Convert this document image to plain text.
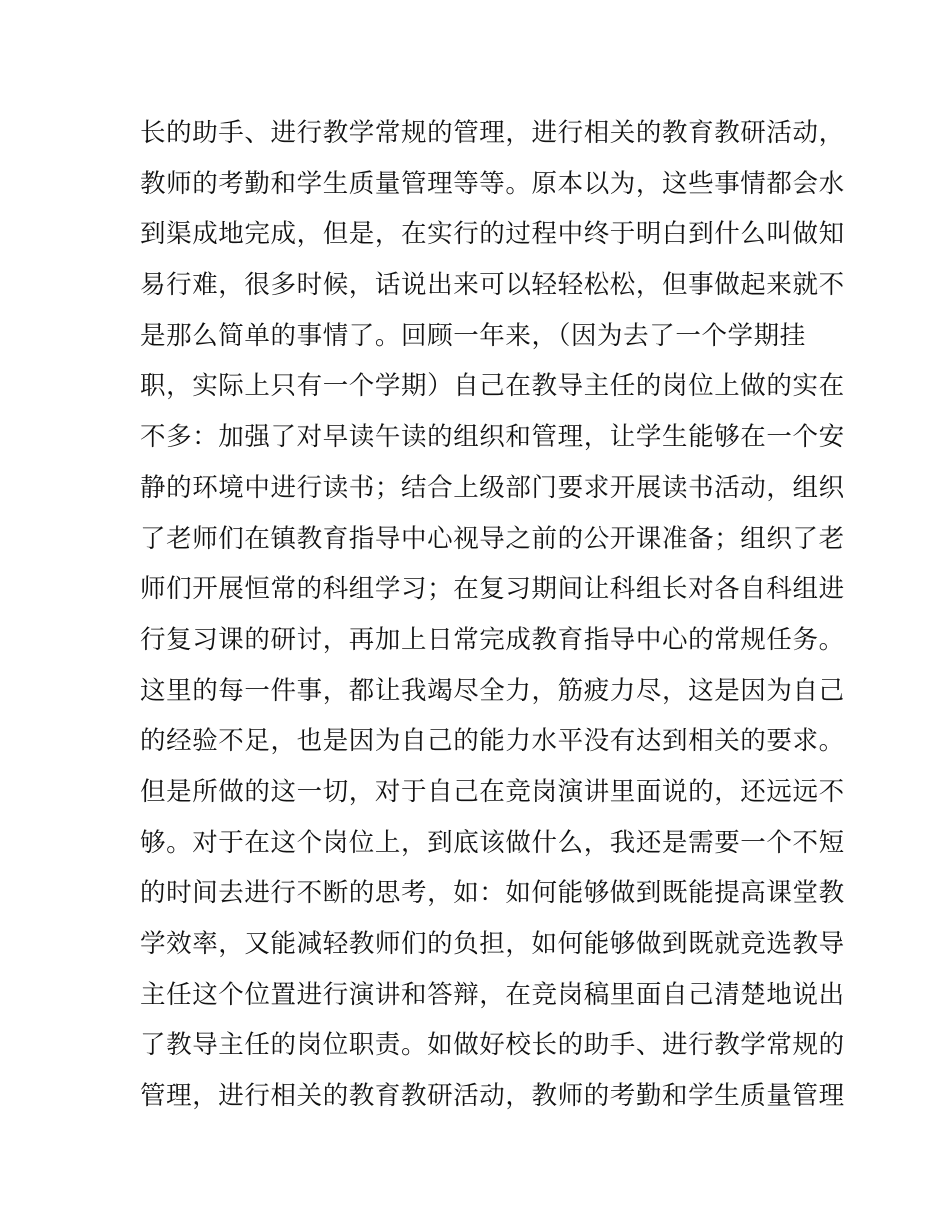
长的助手、进行教学常规的管理，进行相关的教育教研活动，
教师的考勤和学生质量管理等等。原本以为，这些事情都会水
到渠成地完成，但是，在实行的过程中终于明白到什么叫做知
易行难，很多时候，话说出来可以轻轻松松，但事做起来就不
是那么简单的事情了。回顾一年来，（因为去了一个学期挂
职，实际上只有一个学期）自己在教导主任的岗位上做的实在
不多：加强了对早读午读的组织和管理，让学生能够在一个安
静的环境中进行读书；结合上级部门要求开展读书活动，组织
了老师们在镇教育指导中心视导之前的公开课准备；组织了老
师们开展恒常的科组学习；在复习期间让科组长对各自科组进
行复习课的研讨，再加上日常完成教育指导中心的常规任务。
这里的每一件事，都让我竭尽全力，筋疲力尽，这是因为自己
的经验不足，也是因为自己的能力水平没有达到相关的要求。
但是所做的这一切，对于自己在竞岗演讲里面说的，还远远不
够。对于在这个岗位上，到底该做什么，我还是需要一个不短
的时间去进行不断的思考，如：如何能够做到既能提高课堂教
学效率，又能减轻教师们的负担，如何能够做到既就竞选教导
主任这个位置进行演讲和答辩，在竞岗稿里面自己清楚地说出
了教导主任的岗位职责。如做好校长的助手、进行教学常规的
管理，进行相关的教育教研活动，教师的考勤和学生质量管理
